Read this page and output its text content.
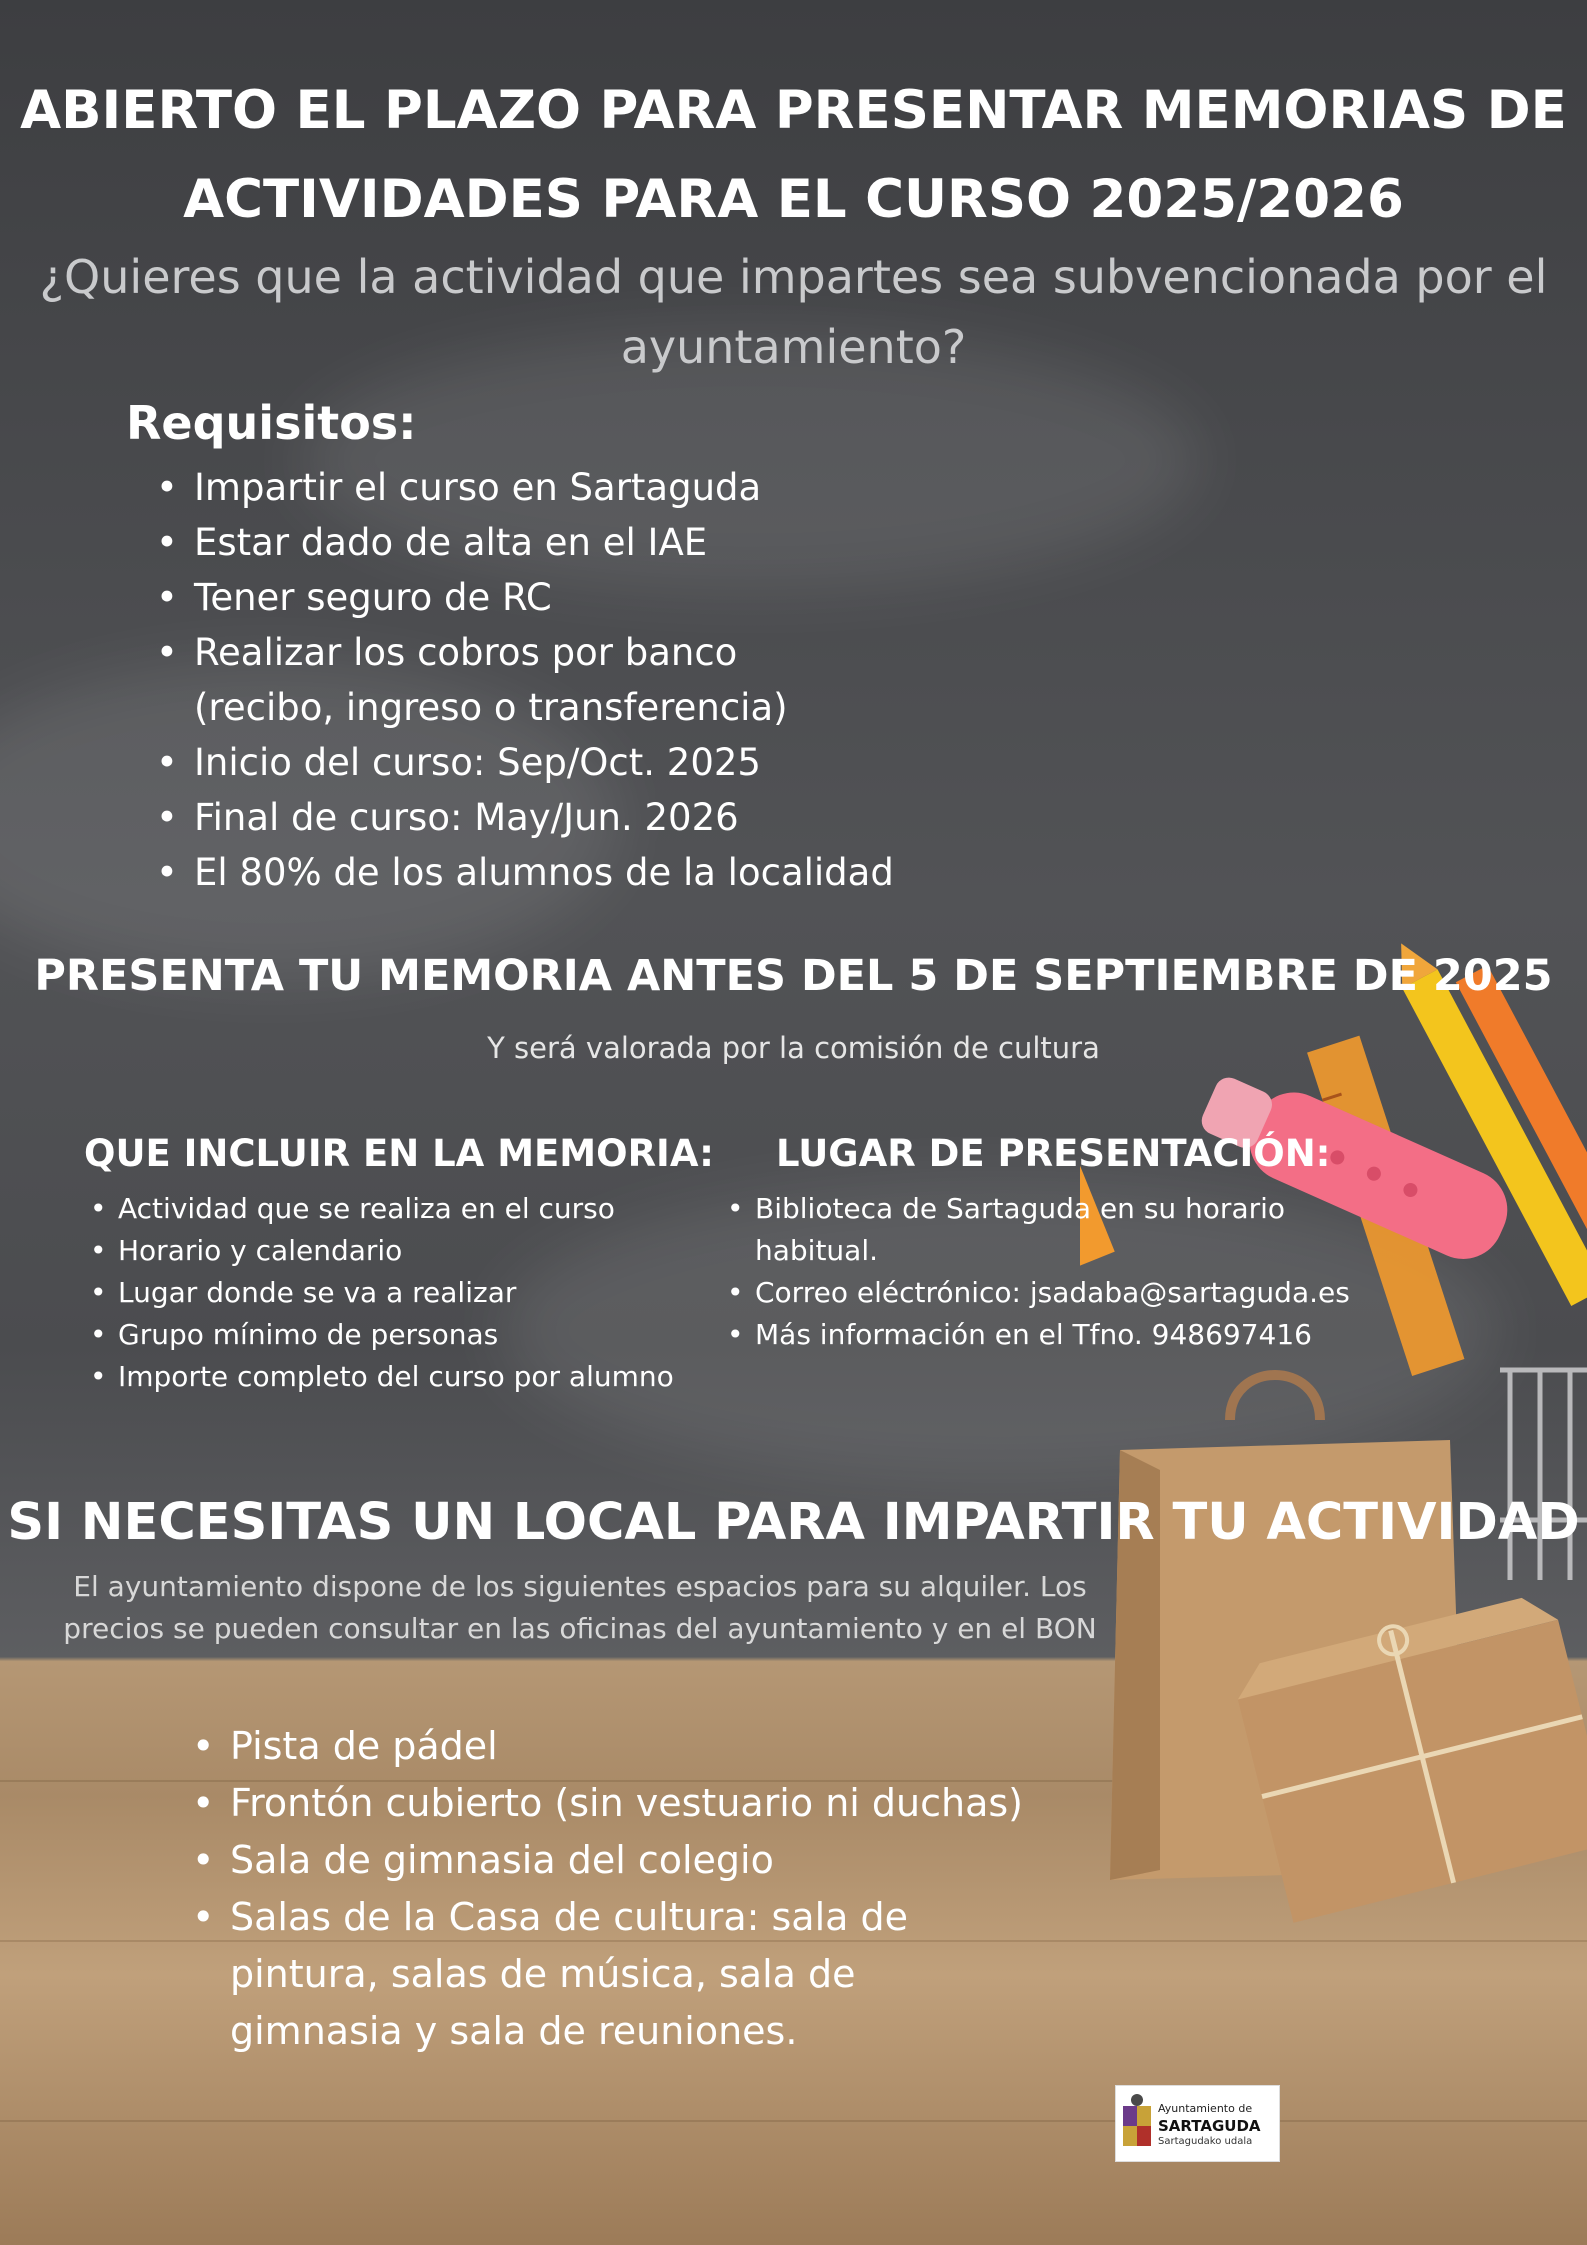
ABIERTO EL PLAZO PARA PRESENTAR MEMORIAS DE ACTIVIDADES PARA EL CURSO 2025/2026
¿Quieres que la actividad que impartes sea subvencionada por el ayuntamiento?
Requisitos:
• Impartir el curso en Sartaguda
• Estar dado de alta en el IAE
• Tener seguro de RC
• Realizar los cobros por banco (recibo, ingreso o transferencia)
• Inicio del curso: Sep/Oct. 2025
• Final de curso: May/Jun. 2026
• El 80% de los alumnos de la localidad
PRESENTA TU MEMORIA ANTES DEL 5 DE SEPTIEMBRE DE 2025
Y será valorada por la comisión de cultura
QUE INCLUIR EN LA MEMORIA:
• Actividad que se realiza en el curso
• Horario y calendario
• Lugar donde se va a realizar
• Grupo mínimo de personas
• Importe completo del curso por alumno
LUGAR DE PRESENTACIÓN:
• Biblioteca de Sartaguda en su horario habitual.
• Correo eléctrónico: jsadaba@sartaguda.es
• Más información en el Tfno. 948697416
SI NECESITAS UN LOCAL PARA IMPARTIR TU ACTIVIDAD
El ayuntamiento dispone de los siguientes espacios para su alquiler. Los precios se pueden consultar en las oficinas del ayuntamiento y en el BON
• Pista de pádel
• Frontón cubierto (sin vestuario ni duchas)
• Sala de gimnasia del colegio
• Salas de la Casa de cultura: sala de pintura, salas de música, sala de gimnasia y sala de reuniones.
Ayuntamiento de
SARTAGUDA
Sartagudako udala
